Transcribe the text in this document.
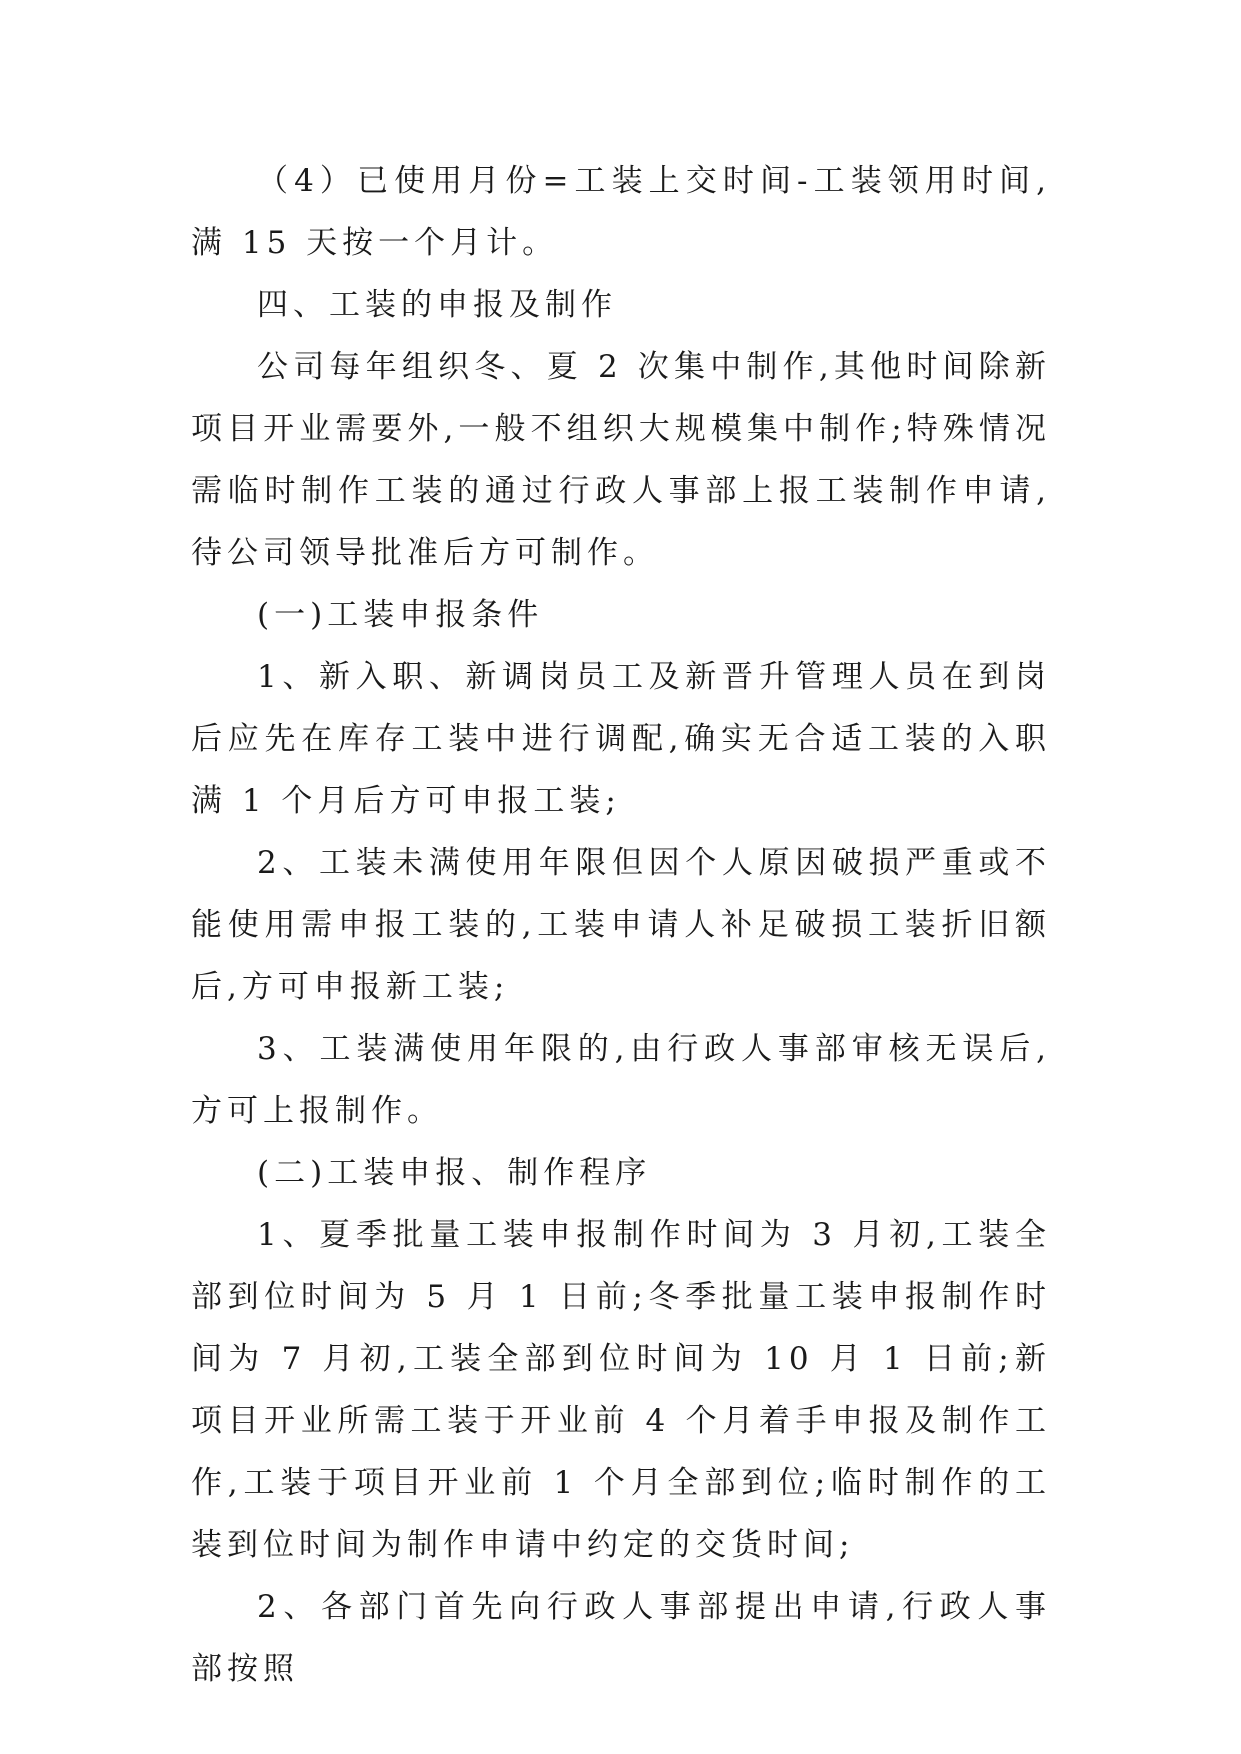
（4）已使用月份=工装上交时间-工装领用时间,满 15 天按一个月计。

四、工装的申报及制作

公司每年组织冬、夏 2 次集中制作,其他时间除新项目开业需要外,一般不组织大规模集中制作;特殊情况需临时制作工装的通过行政人事部上报工装制作申请,待公司领导批准后方可制作。

(一)工装申报条件

1、新入职、新调岗员工及新晋升管理人员在到岗后应先在库存工装中进行调配,确实无合适工装的入职满 1 个月后方可申报工装;

2、工装未满使用年限但因个人原因破损严重或不能使用需申报工装的,工装申请人补足破损工装折旧额后,方可申报新工装;

3、工装满使用年限的,由行政人事部审核无误后,方可上报制作。

(二)工装申报、制作程序

1、夏季批量工装申报制作时间为 3 月初,工装全部到位时间为 5 月 1 日前;冬季批量工装申报制作时间为 7 月初,工装全部到位时间为 10 月 1 日前;新项目开业所需工装于开业前 4 个月着手申报及制作工作,工装于项目开业前 1 个月全部到位;临时制作的工装到位时间为制作申请中约定的交货时间;

2、各部门首先向行政人事部提出申请,行政人事部按照
